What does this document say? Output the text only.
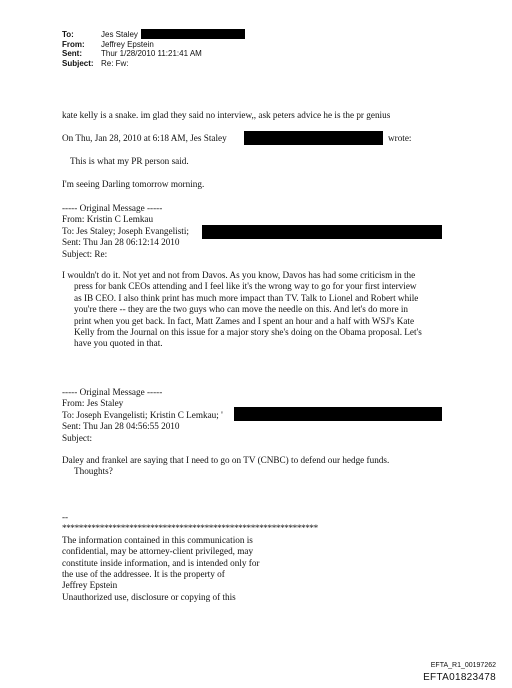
To:	Jes Staley
From:	Jeffrey Epstein
Sent:	Thur 1/28/2010 11:21:41 AM
Subject: Re: Fw:
kate kelly is a snake. im glad they said no interview,, ask peters advice he is the pr genius
On Thu, Jan 28, 2010 at 6:18 AM, Jes Staley	wrote:
This is what my PR person said.
I'm seeing Darling tomorrow morning.
----- Original Message -----
From: Kristin C Lemkau
To: Jes Staley; Joseph Evangelisti;
Sent: Thu Jan 28 06:12:14 2010
Subject: Re:
I wouldn't do it. Not yet and not from Davos. As you know, Davos has had some criticism in the
press for bank CEOs attending and I feel like it's the wrong way to go for your first interview
as IB CEO. I also think print has much more impact than TV. Talk to Lionel and Robert while
you're there -- they are the two guys who can move the needle on this. And let's do more in
print when you get back. In fact, Matt Zames and I spent an hour and a half with WSJ's Kate
Kelly from the Journal on this issue for a major story she's doing on the Obama proposal. Let's
have you quoted in that.
----- Original Message -----
From: Jes Staley
To: Joseph Evangelisti; Kristin C Lemkau; '
Sent: Thu Jan 28 04:56:55 2010
Subject:
Daley and frankel are saying that I need to go on TV (CNBC) to defend our hedge funds.
Thoughts?
--
*************************************************************
The information contained in this communication is
confidential, may be attorney-client privileged, may
constitute inside information, and is intended only for
the use of the addressee. It is the property of
Jeffrey Epstein
Unauthorized use, disclosure or copying of this
EFTA_R1_00197262
EFTA01823478
